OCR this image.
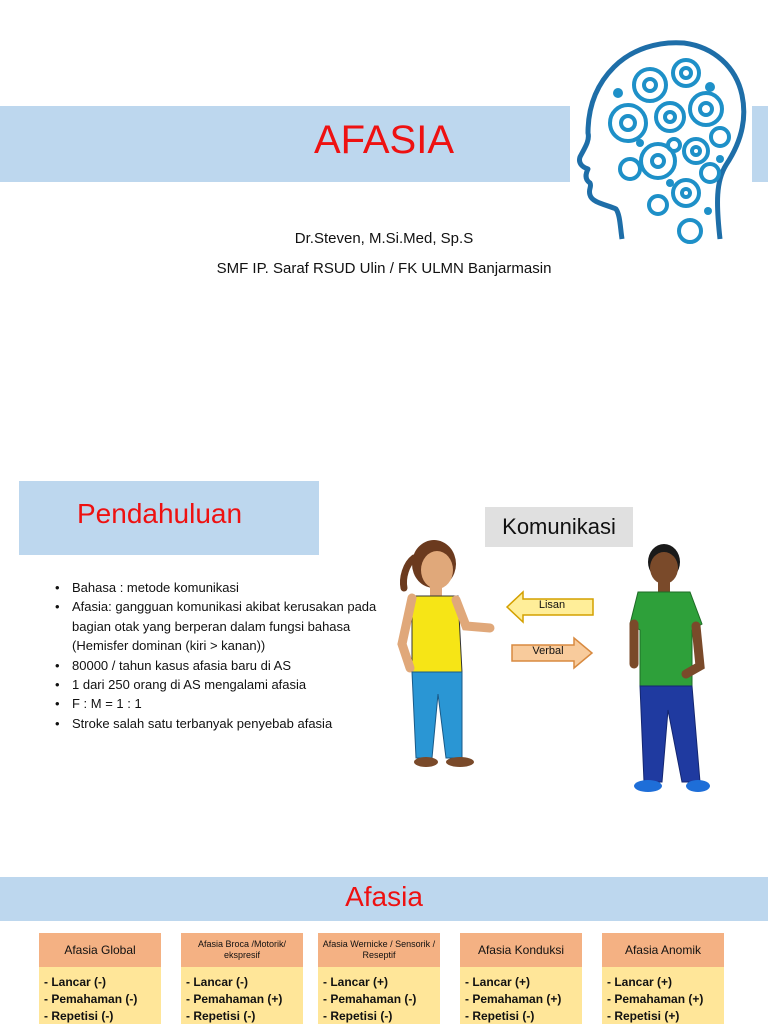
AFASIA
Dr.Steven, M.Si.Med, Sp.S
SMF IP. Saraf RSUD Ulin / FK ULMN Banjarmasin
Pendahuluan
• Bahasa : metode komunikasi
• Afasia: gangguan komunikasi akibat kerusakan pada bagian otak yang berperan dalam fungsi bahasa (Hemisfer dominan (kiri > kanan))
• 80000 / tahun kasus afasia baru di AS
• 1 dari 250 orang di AS mengalami afasia
• F : M = 1 : 1
• Stroke salah satu terbanyak penyebab afasia
Komunikasi
Lisan
Verbal
Afasia
Afasia Global
- Lancar (-)
- Pemahaman (-)
- Repetisi (-)
Afasia Broca /Motorik/ ekspresif
- Lancar (-)
- Pemahaman (+)
- Repetisi (-)
Afasia Wernicke / Sensorik / Reseptif
- Lancar (+)
- Pemahaman (-)
- Repetisi (-)
Afasia Konduksi
- Lancar (+)
- Pemahaman (+)
- Repetisi (-)
Afasia Anomik
- Lancar (+)
- Pemahaman (+)
- Repetisi (+)
